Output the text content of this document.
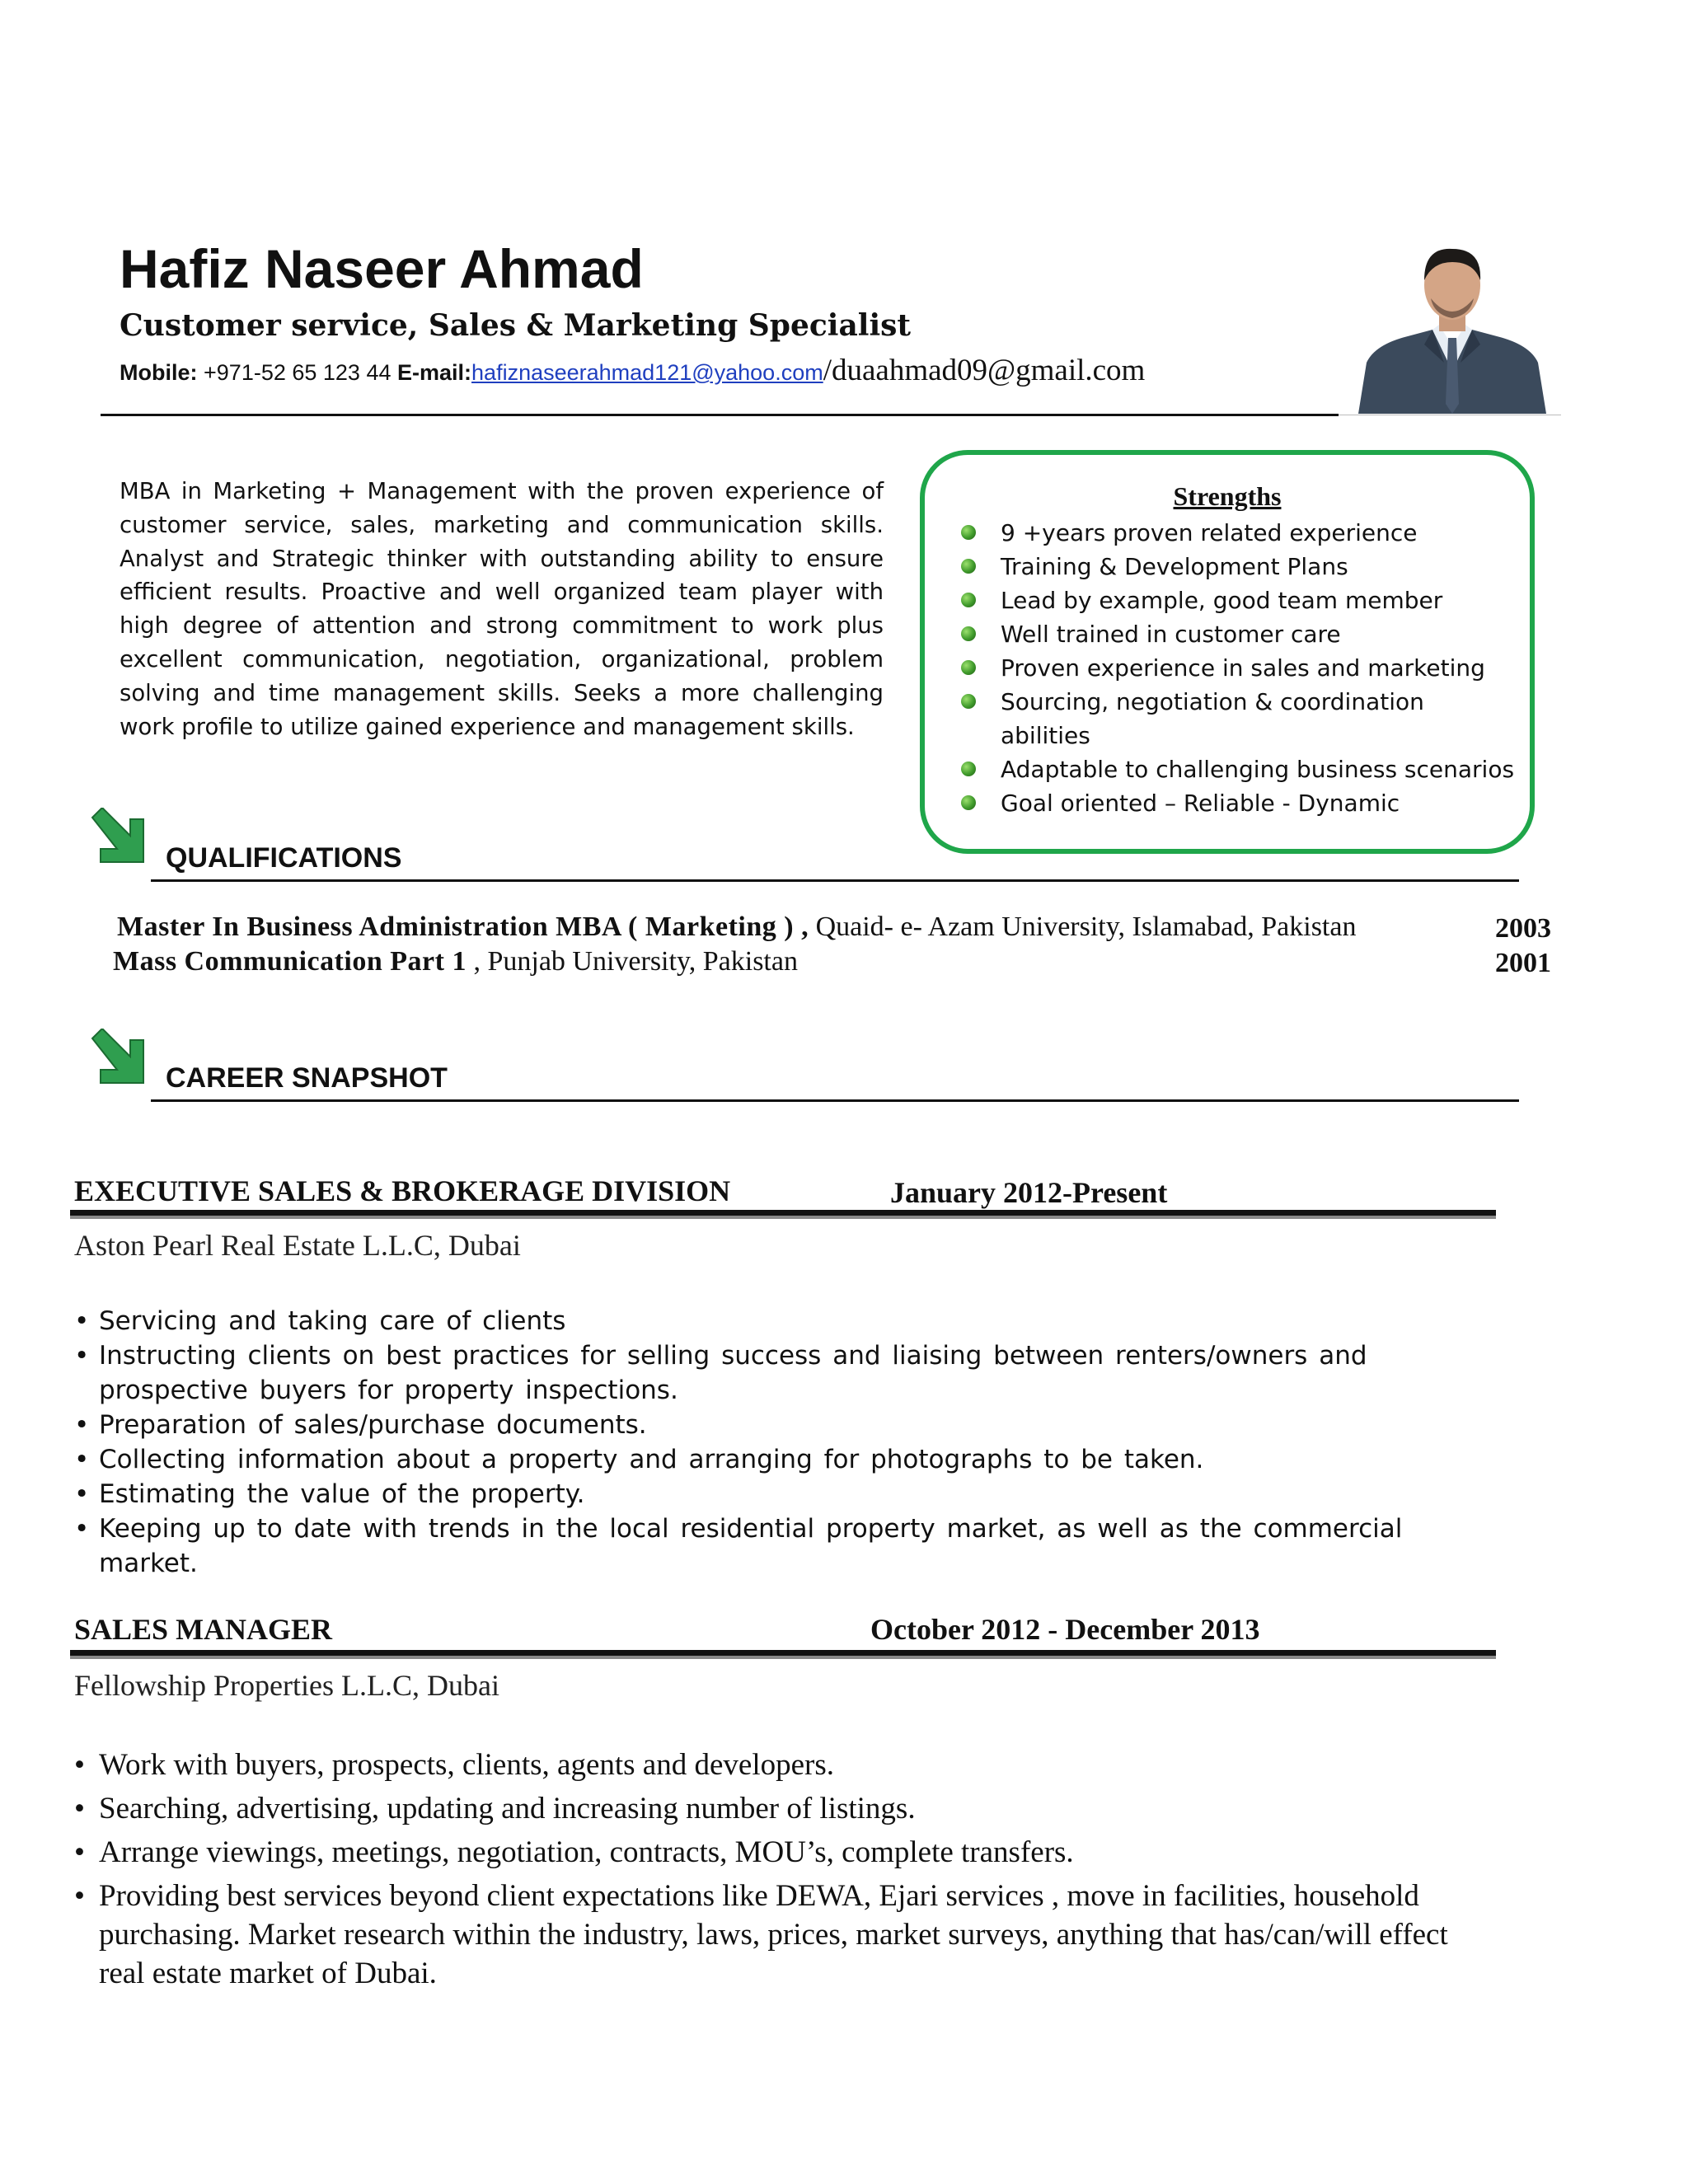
Hafiz Naseer Ahmad
Customer service, Sales & Marketing Specialist
Mobile: +971-52 65 123 44 E-mail:hafiznaseerahmad121@yahoo.com/duaahmad09@gmail.com
MBA in Marketing + Management with the proven experience of customer service, sales, marketing and communication skills. Analyst and Strategic thinker with outstanding ability to ensure efficient results. Proactive and well organized team player with high degree of attention and strong commitment to work plus excellent communication, negotiation, organizational, problem solving and time management skills. Seeks a more challenging work profile to utilize gained experience and management skills.
Strengths
9 +years proven related experience
Training & Development Plans
Lead by example, good team member
Well trained in customer care
Proven experience in sales and marketing
Sourcing, negotiation & coordination abilities
Adaptable to challenging business scenarios
Goal oriented – Reliable - Dynamic
QUALIFICATIONS
Master In Business Administration MBA ( Marketing ) , Quaid- e- Azam University, Islamabad, Pakistan	2003
Mass Communication Part 1 , Punjab University, Pakistan	2001
CAREER SNAPSHOT
EXECUTIVE SALES & BROKERAGE DIVISION	January 2012-Present
Aston Pearl Real Estate L.L.C, Dubai
• Servicing and taking care of clients
• Instructing clients on best practices for selling success and liaising between renters/owners and prospective buyers for property inspections.
• Preparation of sales/purchase documents.
• Collecting information about a property and arranging for photographs to be taken.
• Estimating the value of the property.
• Keeping up to date with trends in the local residential property market, as well as the commercial market.
SALES MANAGER	October 2012 - December 2013
Fellowship Properties L.L.C, Dubai
• Work with buyers, prospects, clients, agents and developers.
• Searching, advertising, updating and increasing number of listings.
• Arrange viewings, meetings, negotiation, contracts, MOU’s, complete transfers.
• Providing best services beyond client expectations like DEWA, Ejari services , move in facilities, household purchasing. Market research within the industry, laws, prices, market surveys, anything that has/can/will effect real estate market of Dubai.
